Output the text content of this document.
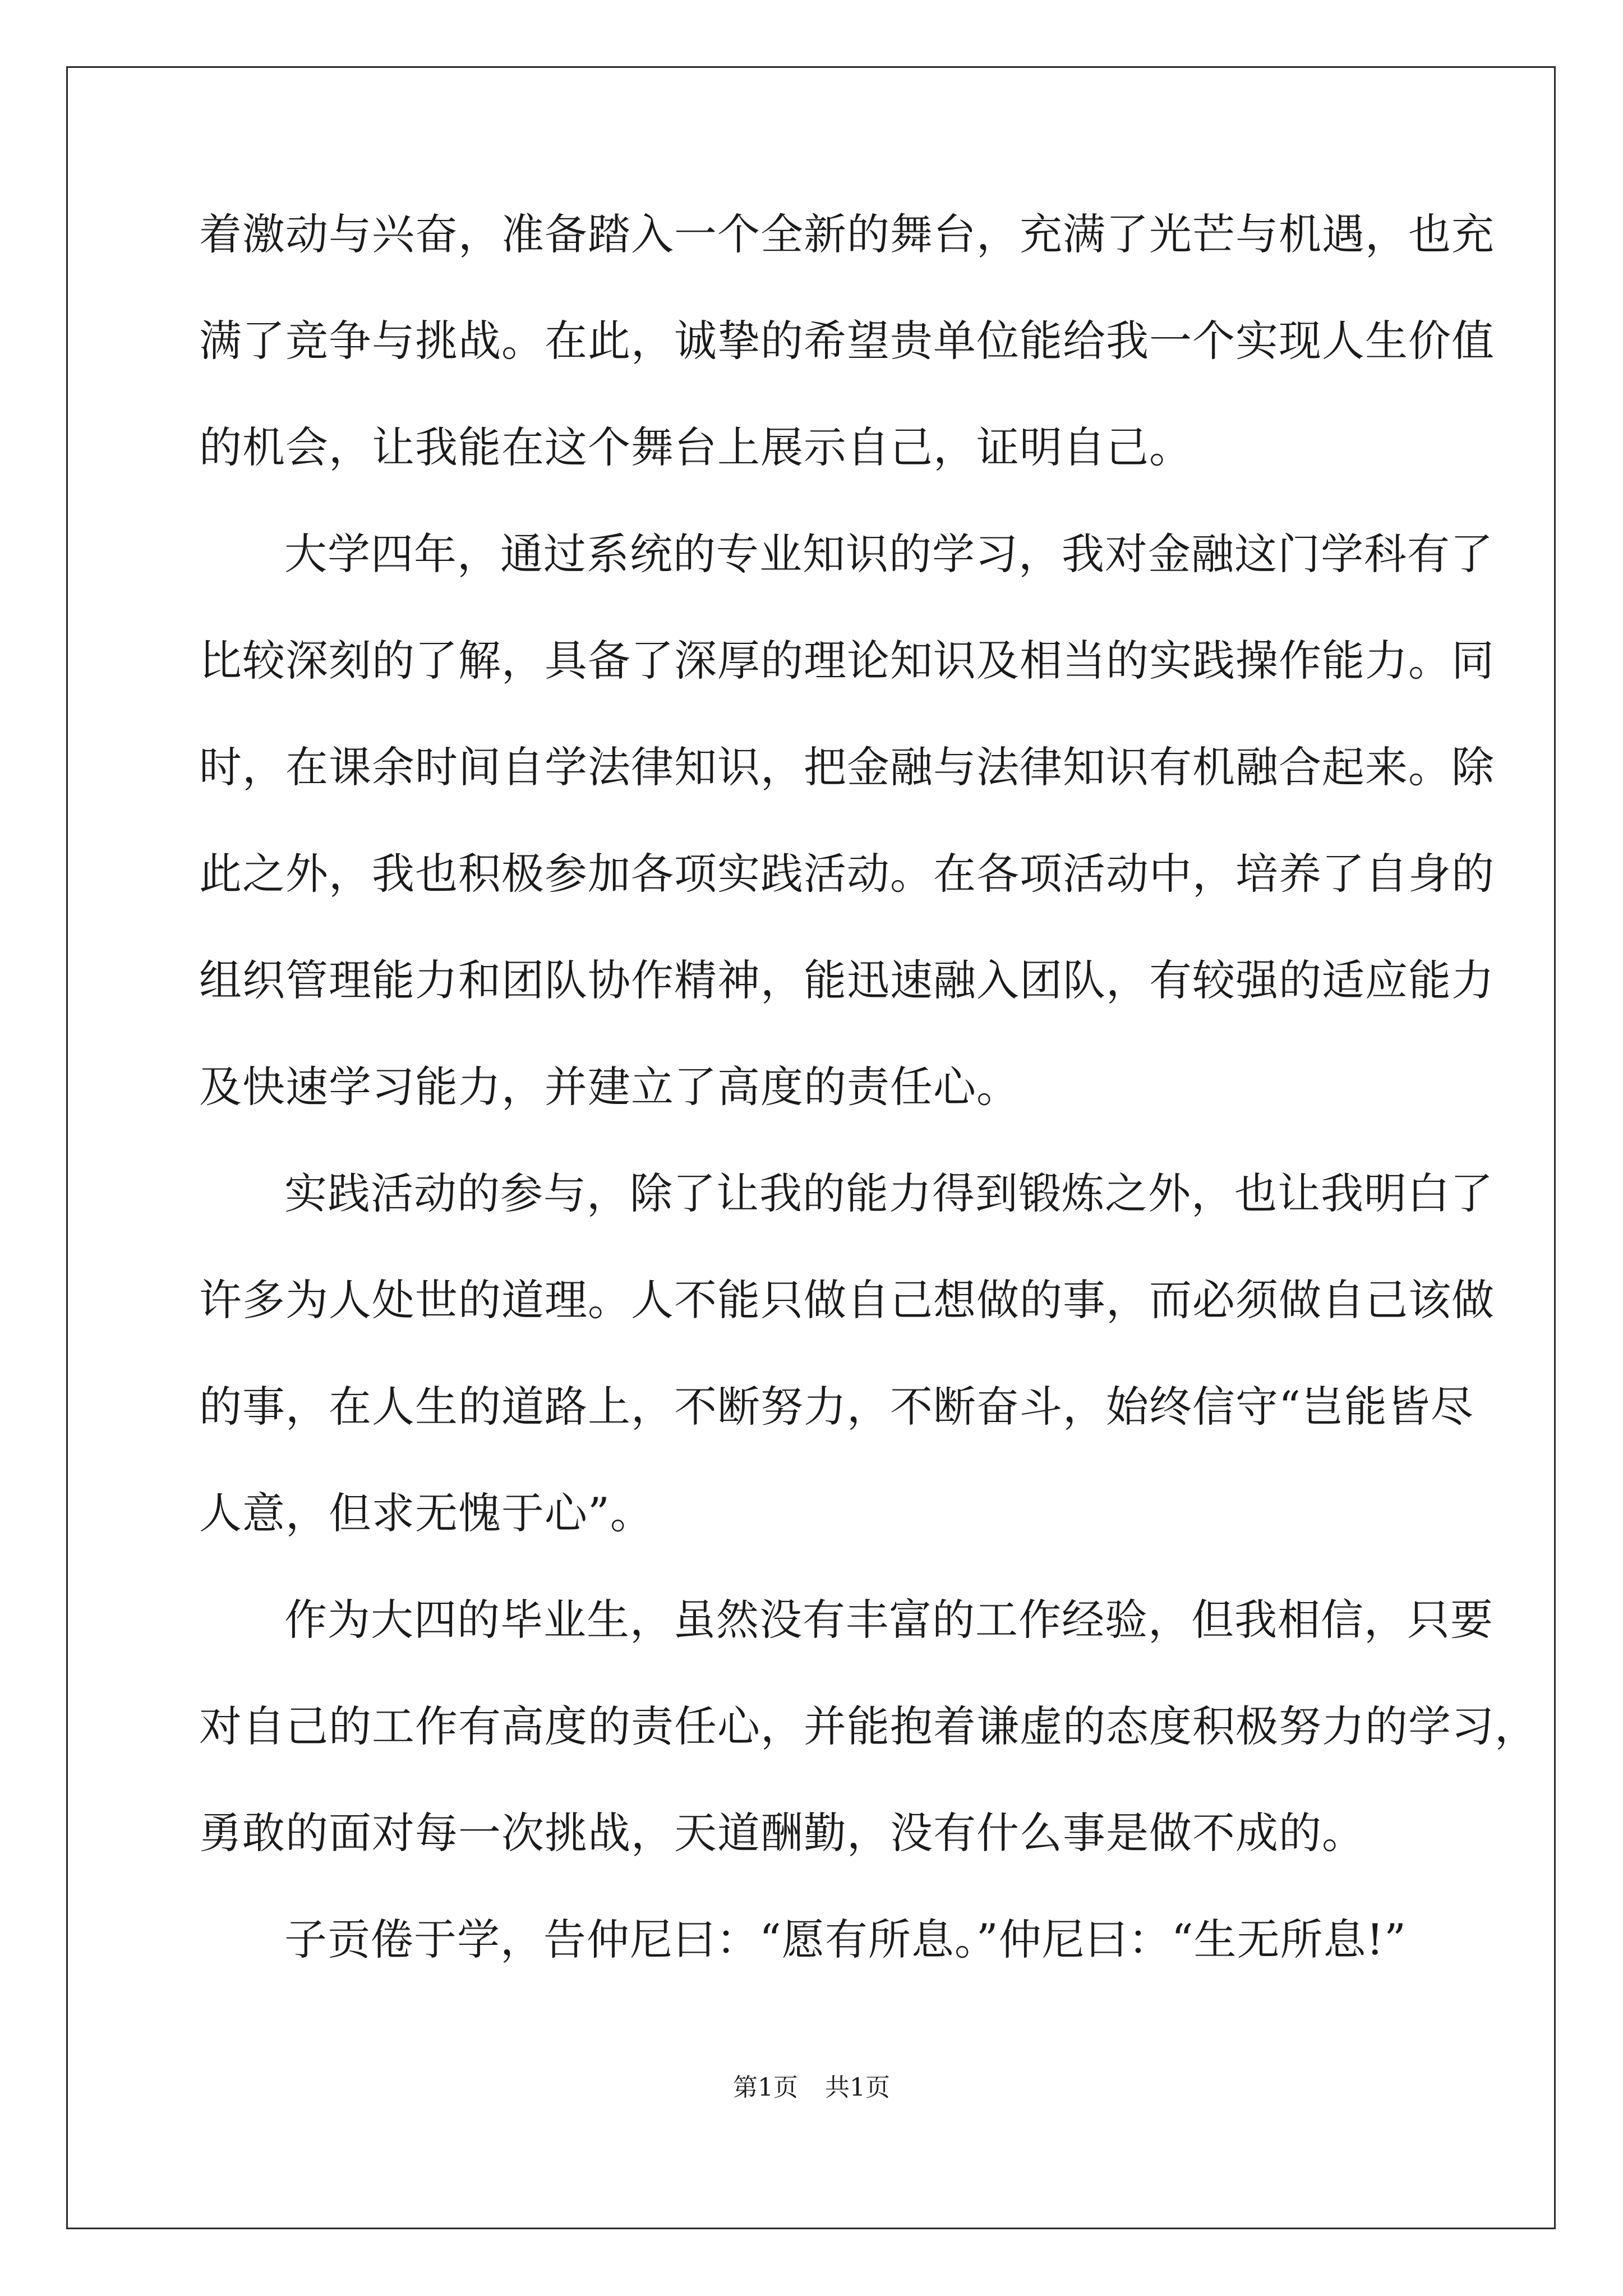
着激动与兴奋，准备踏入一个全新的舞台，充满了光芒与机遇，也充
满了竞争与挑战。在此，诚挚的希望贵单位能给我一个实现人生价值
的机会，让我能在这个舞台上展示自己，证明自己。
大学四年，通过系统的专业知识的学习，我对金融这门学科有了
比较深刻的了解，具备了深厚的理论知识及相当的实践操作能力。同
时，在课余时间自学法律知识，把金融与法律知识有机融合起来。除
此之外，我也积极参加各项实践活动。在各项活动中，培养了自身的
组织管理能力和团队协作精神，能迅速融入团队，有较强的适应能力
及快速学习能力，并建立了高度的责任心。
实践活动的参与，除了让我的能力得到锻炼之外，也让我明白了
许多为人处世的道理。人不能只做自己想做的事，而必须做自己该做
的事，在人生的道路上，不断努力，不断奋斗，始终信守“岂能皆尽
人意，但求无愧于心”。
作为大四的毕业生，虽然没有丰富的工作经验，但我相信，只要
对自己的工作有高度的责任心，并能抱着谦虚的态度积极努力的学习，
勇敢的面对每一次挑战，天道酬勤，没有什么事是做不成的。
子贡倦于学，告仲尼曰：“愿有所息。”仲尼曰：“生无所息!”
第1页 共1页
